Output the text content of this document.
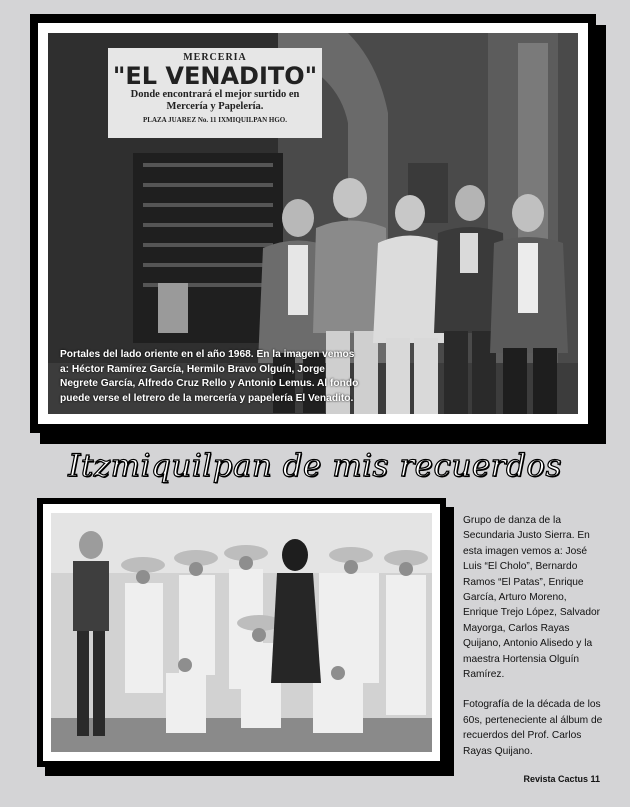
MERCERIA
"EL VENADITO"
Donde encontrará el mejor surtido en
Mercería y Papelería.
PLAZA JUAREZ No. 11 IXMIQUILPAN HGO.
Portales del lado oriente en el año 1968. En la imagen vemos a: Héctor Ramírez García, Hermilo Bravo Olguín, Jorge Negrete García, Alfredo Cruz Rello y Antonio Lemus. Al fondo puede verse el letrero de la mercería y papelería El Venadito.
Itzmiquilpan de mis recuerdos

Grupo de danza de la Secundaria Justo Sierra. En esta imagen vemos a: José Luis “El Cholo”, Bernardo Ramos “El Patas”, Enrique García, Arturo Moreno, Enrique Trejo López, Salvador Mayorga, Carlos Rayas Quijano, Antonio Alisedo y la maestra Hortensia Olguín Ramírez.

Fotografía de la década de los 60s, perteneciente al álbum de recuerdos del Prof. Carlos Rayas Quijano.

Revista Cactus 11
